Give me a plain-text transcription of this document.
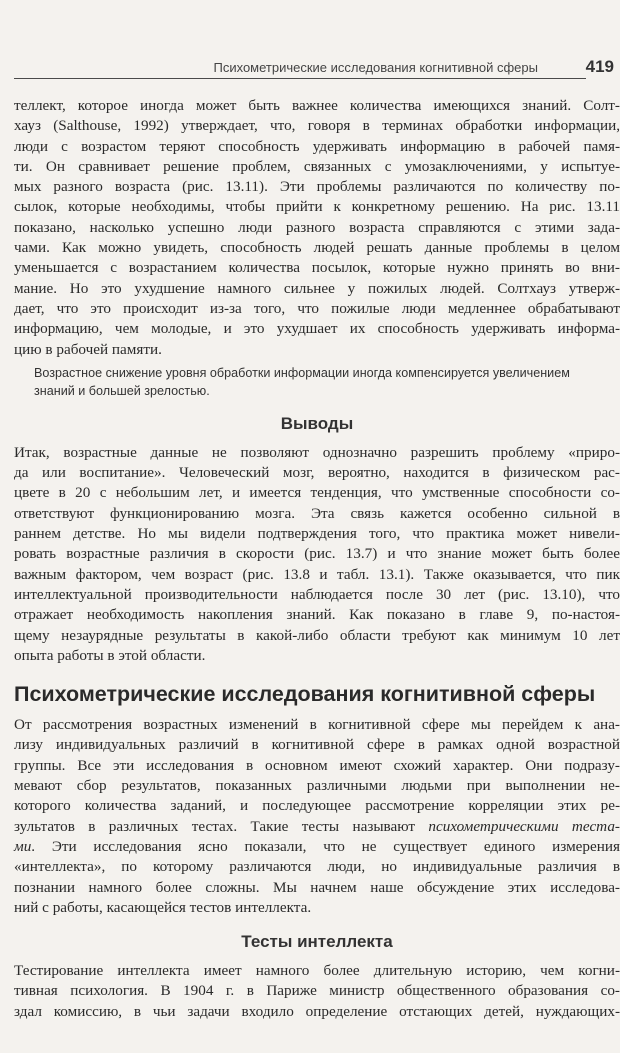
Психометрические исследования когнитивной сферы	419

теллект, которое иногда может быть важнее количества имеющихся знаний. Солт-
хауз (Salthouse, 1992) утверждает, что, говоря в терминах обработки информации,
люди с возрастом теряют способность удерживать информацию в рабочей памя-
ти. Он сравнивает решение проблем, связанных с умозаключениями, у испытуе-
мых разного возраста (рис. 13.11). Эти проблемы различаются по количеству по-
сылок, которые необходимы, чтобы прийти к конкретному решению. На рис. 13.11
показано, насколько успешно люди разного возраста справляются с этими зада-
чами. Как можно увидеть, способность людей решать данные проблемы в целом
уменьшается с возрастанием количества посылок, которые нужно принять во вни-
мание. Но это ухудшение намного сильнее у пожилых людей. Солтхауз утверж-
дает, что это происходит из-за того, что пожилые люди медленнее обрабатывают
информацию, чем молодые, и это ухудшает их способность удерживать информа-
цию в рабочей памяти.

Возрастное снижение уровня обработки информации иногда компенсируется увеличением
знаний и большей зрелостью.
Выводы

Итак, возрастные данные не позволяют однозначно разрешить проблему «приро-
да или воспитание». Человеческий мозг, вероятно, находится в физическом рас-
цвете в 20 с небольшим лет, и имеется тенденция, что умственные способности со-
ответствуют функционированию мозга. Эта связь кажется особенно сильной в
раннем детстве. Но мы видели подтверждения того, что практика может нивели-
ровать возрастные различия в скорости (рис. 13.7) и что знание может быть более
важным фактором, чем возраст (рис. 13.8 и табл. 13.1). Также оказывается, что пик
интеллектуальной производительности наблюдается после 30 лет (рис. 13.10), что
отражает необходимость накопления знаний. Как показано в главе 9, по-настоя-
щему незаурядные результаты в какой-либо области требуют как минимум 10 лет
опыта работы в этой области.

Психометрические исследования когнитивной сферы

От рассмотрения возрастных изменений в когнитивной сфере мы перейдем к ана-
лизу индивидуальных различий в когнитивной сфере в рамках одной возрастной
группы. Все эти исследования в основном имеют схожий характер. Они подразу-
мевают сбор результатов, показанных различными людьми при выполнении не-
которого количества заданий, и последующее рассмотрение корреляции этих ре-
зультатов в различных тестах. Такие тесты называют психометрическими теста-
ми. Эти исследования ясно показали, что не существует единого измерения
«интеллекта», по которому различаются люди, но индивидуальные различия в
познании намного более сложны. Мы начнем наше обсуждение этих исследова-
ний с работы, касающейся тестов интеллекта.

Тесты интеллекта

Тестирование интеллекта имеет намного более длительную историю, чем когни-
тивная психология. В 1904 г. в Париже министр общественного образования со-
здал комиссию, в чьи задачи входило определение отстающих детей, нуждающих-
